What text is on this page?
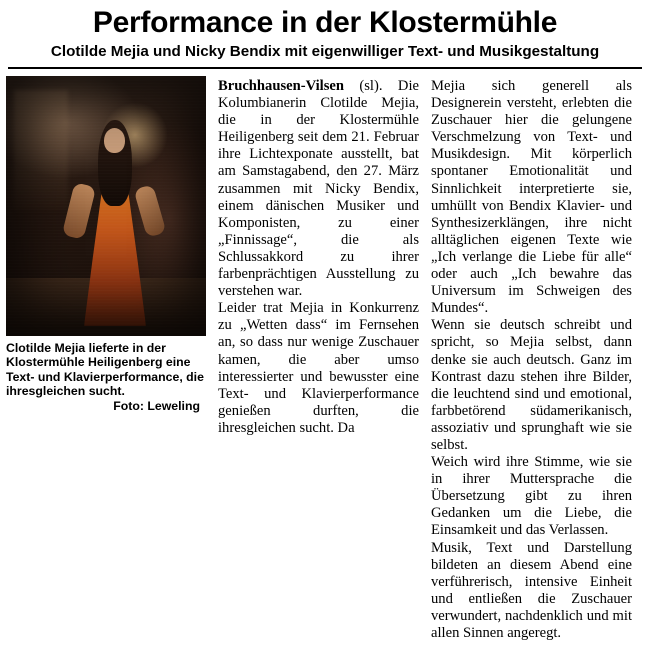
Performance in der Klostermühle
Clotilde Mejia und Nicky Bendix mit eigenwilliger Text- und Musikgestaltung
Clotilde Mejia lieferte in der Klostermühle Heiligenberg eine Text- und Klavierperformance, die ihresgleichen sucht.
Foto: Leweling

Bruchhausen-Vilsen (sl). Die Kolumbianerin Clotilde Mejia, die in der Klostermühle Heiligenberg seit dem 21. Februar ihre Lichtexponate ausstellt, bat am Samstagabend, den 27. März zusammen mit Nicky Bendix, einem dänischen Musiker und Komponisten, zu einer „Finnissage“, die als Schlussakkord zu ihrer farbenprächtigen Ausstellung zu verstehen war.

Leider trat Mejia in Konkurrenz zu „Wetten dass“ im Fernsehen an, so dass nur wenige Zuschauer kamen, die aber umso interessierter und bewusster eine Text- und Klavierperformance genießen durften, die ihresgleichen sucht. Da

Mejia sich generell als Designerein versteht, erlebten die Zuschauer hier die gelungene Verschmelzung von Text- und Musikdesign. Mit körperlich spontaner Emotionalität und Sinnlichkeit interpretierte sie, umhüllt von Bendix Klavier- und Synthesizerklängen, ihre nicht alltäglichen eigenen Texte wie „Ich verlange die Liebe für alle“ oder auch „Ich bewahre das Universum im Schweigen des Mundes“.

Wenn sie deutsch schreibt und spricht, so Mejia selbst, dann denke sie auch deutsch. Ganz im Kontrast dazu stehen ihre Bilder, die leuchtend sind und emotional, farbbetörend südamerikanisch, assoziativ und sprunghaft wie sie selbst.

Weich wird ihre Stimme, wie sie in ihrer Muttersprache die Übersetzung gibt zu ihren Gedanken um die Liebe, die Einsamkeit und das Verlassen.

Musik, Text und Darstellung bildeten an diesem Abend eine verführerisch, intensive Einheit und entließen die Zuschauer verwundert, nachdenklich und mit allen Sinnen angeregt.
